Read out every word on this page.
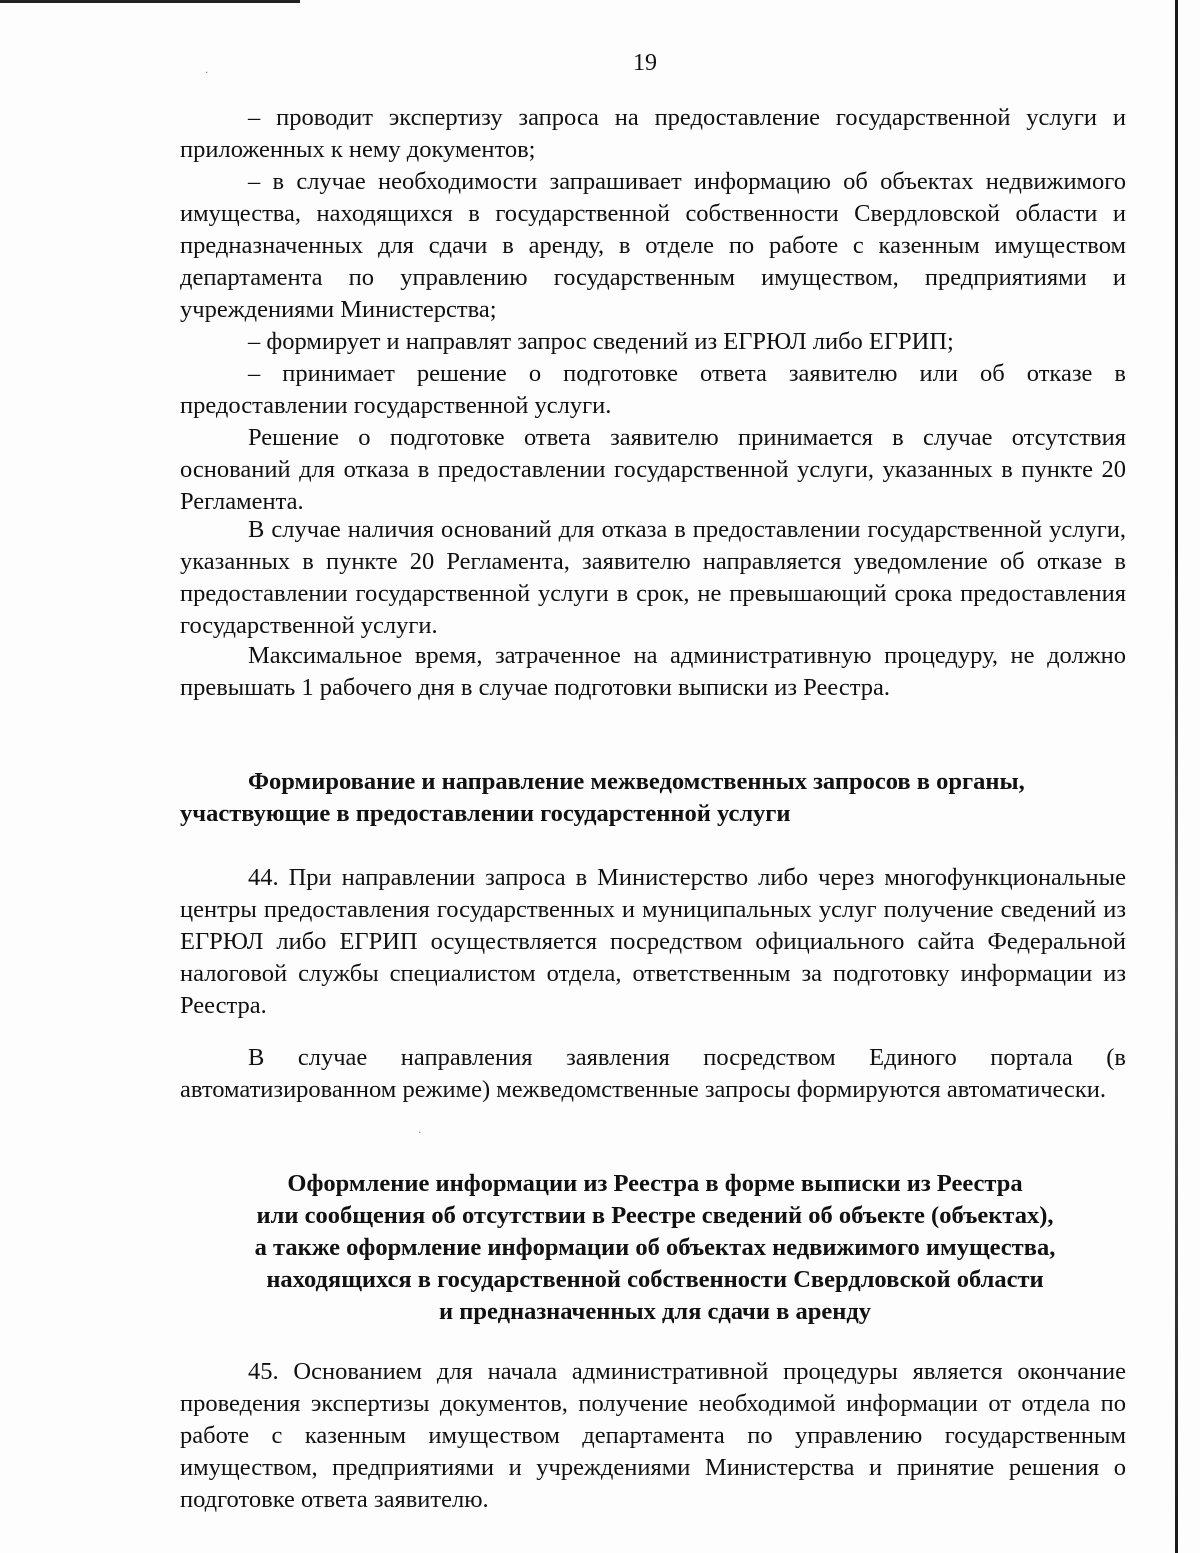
19

– проводит экспертизу запроса на предоставление государственной услуги и приложенных к нему документов;

– в случае необходимости запрашивает информацию об объектах недвижимого имущества, находящихся в государственной собственности Свердловской области и предназначенных для сдачи в аренду, в отделе по работе с казенным имуществом департамента по управлению государственным имуществом, предприятиями и учреждениями Министерства;

– формирует и направлят запрос сведений из ЕГРЮЛ либо ЕГРИП;

– принимает решение о подготовке ответа заявителю или об отказе в предоставлении государственной услуги.

Решение о подготовке ответа заявителю принимается в случае отсутствия оснований для отказа в предоставлении государственной услуги, указанных в пункте 20 Регламента.

В случае наличия оснований для отказа в предоставлении государственной услуги, указанных в пункте 20 Регламента, заявителю направляется уведомление об отказе в предоставлении государственной услуги в срок, не превышающий срока предоставления государственной услуги.

Максимальное время, затраченное на административную процедуру, не должно превышать 1 рабочего дня в случае подготовки выписки из Реестра.

Формирование и направление межведомственных запросов в органы, участвующие в предоставлении государстенной услуги

44. При направлении запроса в Министерство либо через многофункциональные центры предоставления государственных и муниципальных услуг получение сведений из ЕГРЮЛ либо ЕГРИП осуществляется посредством официального сайта Федеральной налоговой службы специалистом отдела, ответственным за подготовку информации из Реестра.

В случае направления заявления посредством Единого портала (в автоматизированном режиме) межведомственные запросы формируются автоматически.

Оформление информации из Реестра в форме выписки из Реестра
или сообщения об отсутствии в Реестре сведений об объекте (объектах),
а также оформление информации об объектах недвижимого имущества,
находящихся в государственной собственности Свердловской области
и предназначенных для сдачи в аренду

45. Основанием для начала административной процедуры является окончание проведения экспертизы документов, получение необходимой информации от отдела по работе с казенным имуществом департамента по управлению государственным имуществом, предприятиями и учреждениями Министерства и принятие решения о подготовке ответа заявителю.

·
·
